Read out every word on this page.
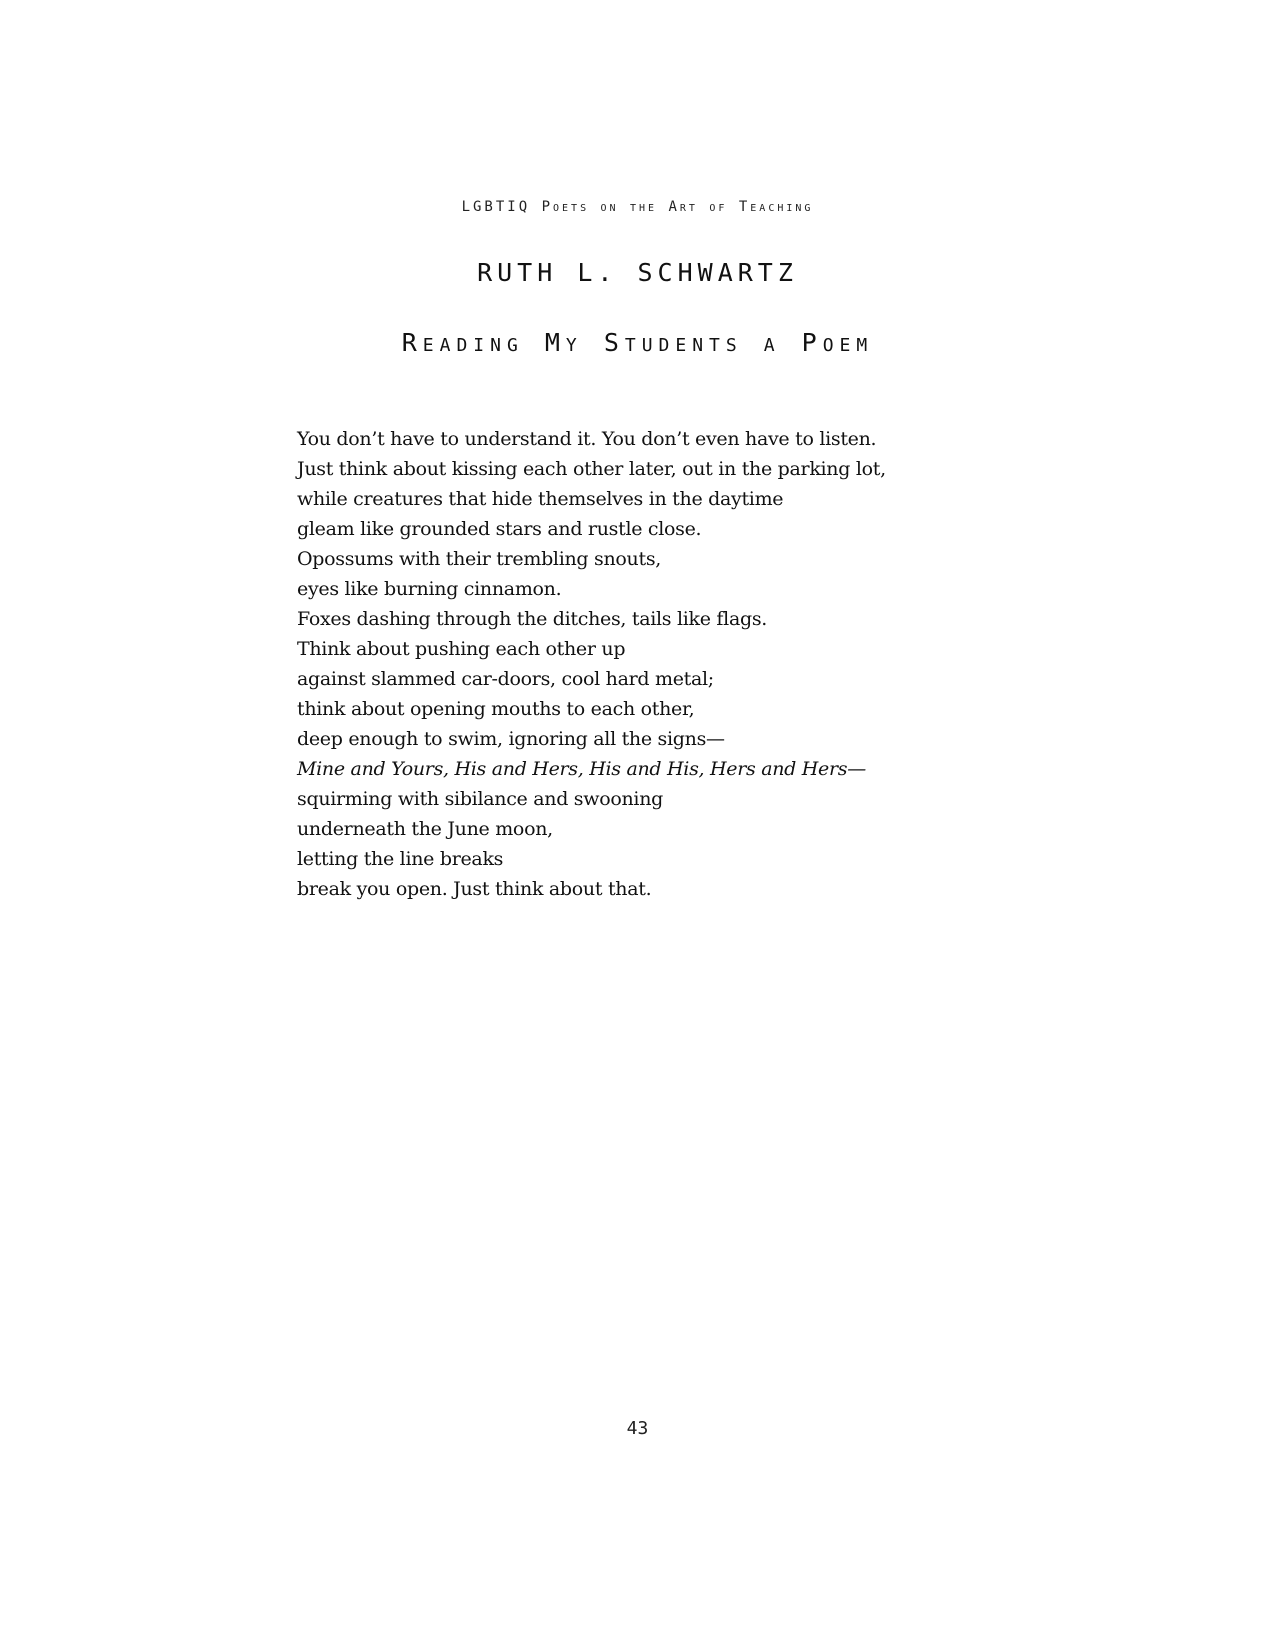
LGBTIQ Poets on the Art of Teaching
RUTH L. SCHWARTZ
Reading My Students a Poem
You don’t have to understand it. You don’t even have to listen.
Just think about kissing each other later, out in the parking lot,
while creatures that hide themselves in the daytime
gleam like grounded stars and rustle close.
Opossums with their trembling snouts,
eyes like burning cinnamon.
Foxes dashing through the ditches, tails like flags.
Think about pushing each other up
against slammed car-doors, cool hard metal;
think about opening mouths to each other,
deep enough to swim, ignoring all the signs—
Mine and Yours, His and Hers, His and His, Hers and Hers—
squirming with sibilance and swooning
underneath the June moon,
letting the line breaks
break you open. Just think about that.
43
